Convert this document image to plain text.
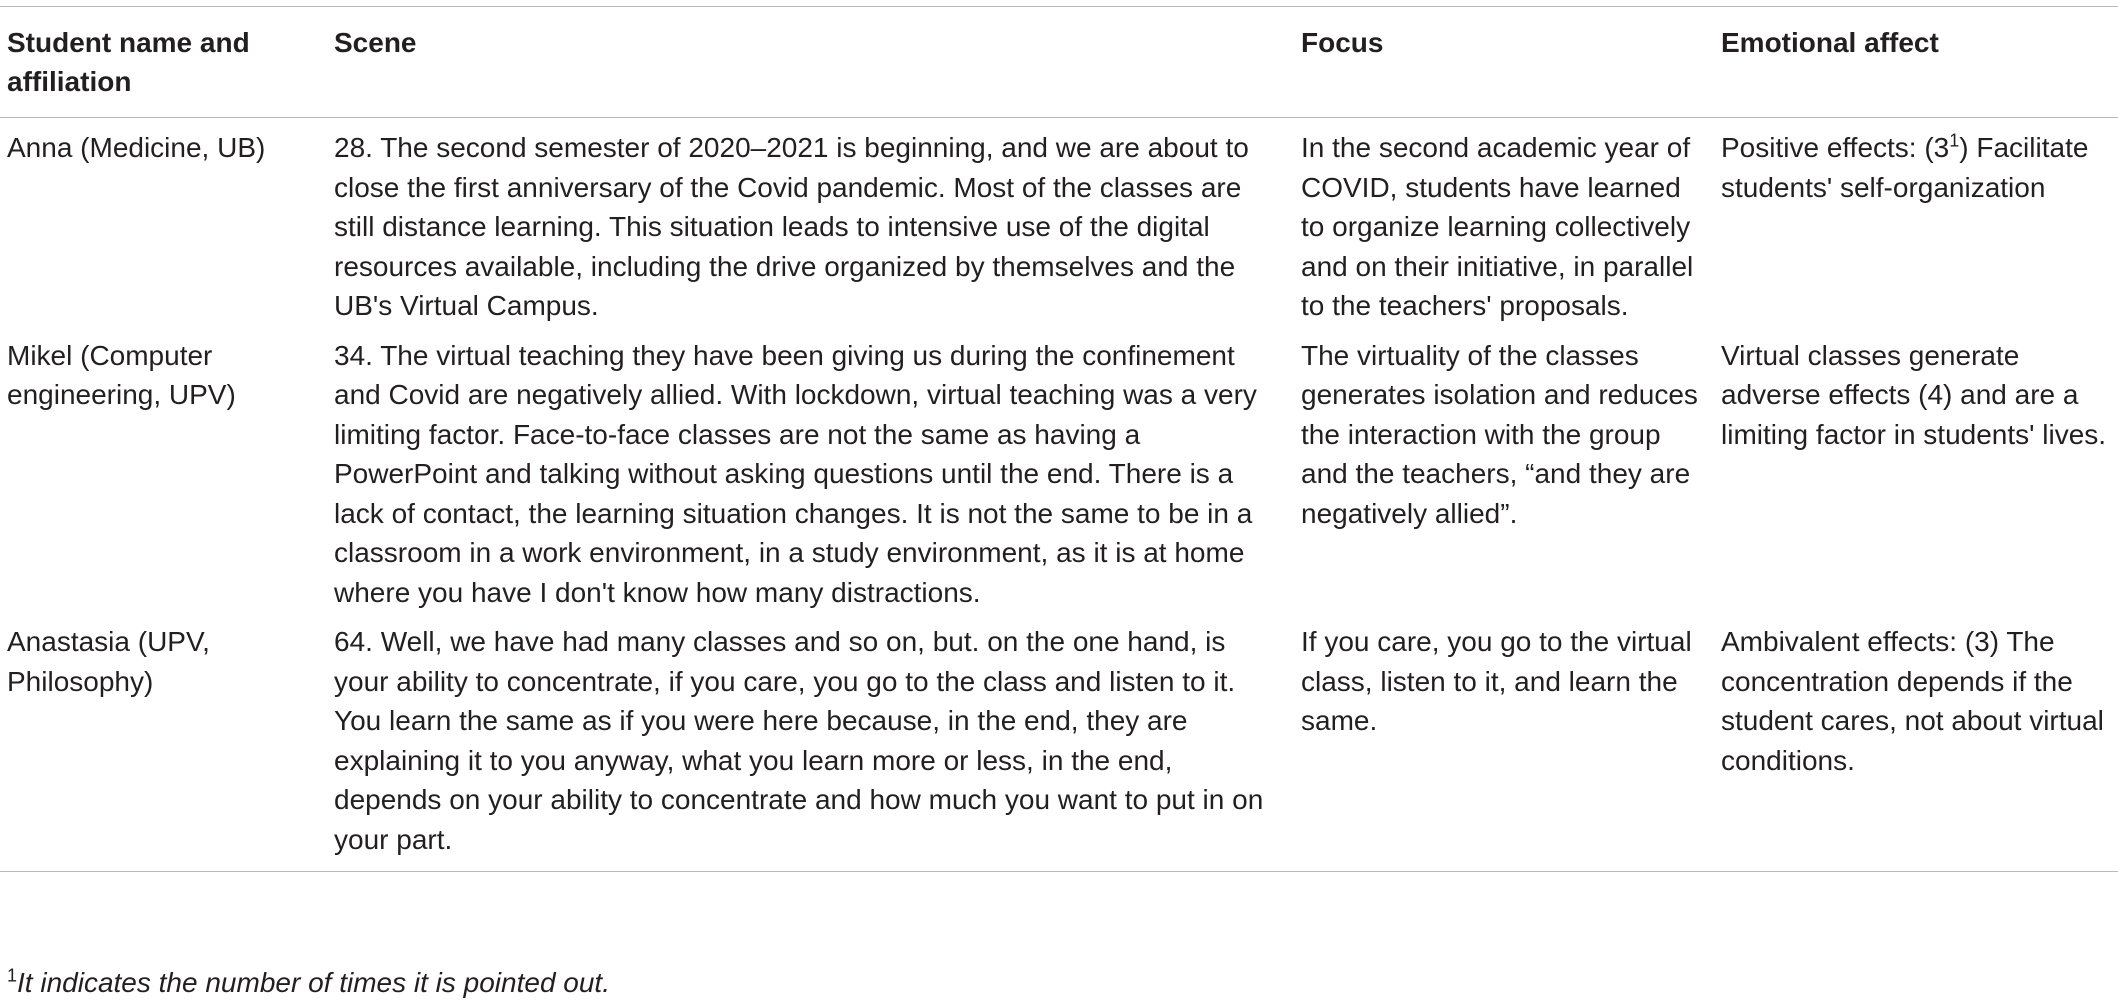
Student name and affiliation	Scene	Focus	Emotional affect
Anna (Medicine, UB)	28. The second semester of 2020–2021 is beginning, and we are about to close the first anniversary of the Covid pandemic. Most of the classes are still distance learning. This situation leads to intensive use of the digital resources available, including the drive organized by themselves and the UB's Virtual Campus.	In the second academic year of COVID, students have learned to organize learning collectively and on their initiative, in parallel to the teachers' proposals.	Positive effects: $(3^1)$ Facilitate students' self-organization
Mikel (Computer engineering, UPV)	34. The virtual teaching they have been giving us during the confinement and Covid are negatively allied. With lockdown, virtual teaching was a very limiting factor. Face-to-face classes are not the same as having a PowerPoint and talking without asking questions until the end. There is a lack of contact, the learning situation changes. It is not the same to be in a classroom in a work environment, in a study environment, as it is at home where you have I don't know how many distractions.	The virtuality of the classes generates isolation and reduces the interaction with the group and the teachers, “and they are negatively allied”.	Virtual classes generate adverse effects (4) and are a limiting factor in students' lives.
Anastasia (UPV, Philosophy)	64. Well, we have had many classes and so on, but. on the one hand, is your ability to concentrate, if you care, you go to the class and listen to it. You learn the same as if you were here because, in the end, they are explaining it to you anyway, what you learn more or less, in the end, depends on your ability to concentrate and how much you want to put in on your part.	If you care, you go to the virtual class, listen to it, and learn the same.	Ambivalent effects: (3) The concentration depends if the student cares, not about virtual conditions.
$^1$It indicates the number of times it is pointed out.
